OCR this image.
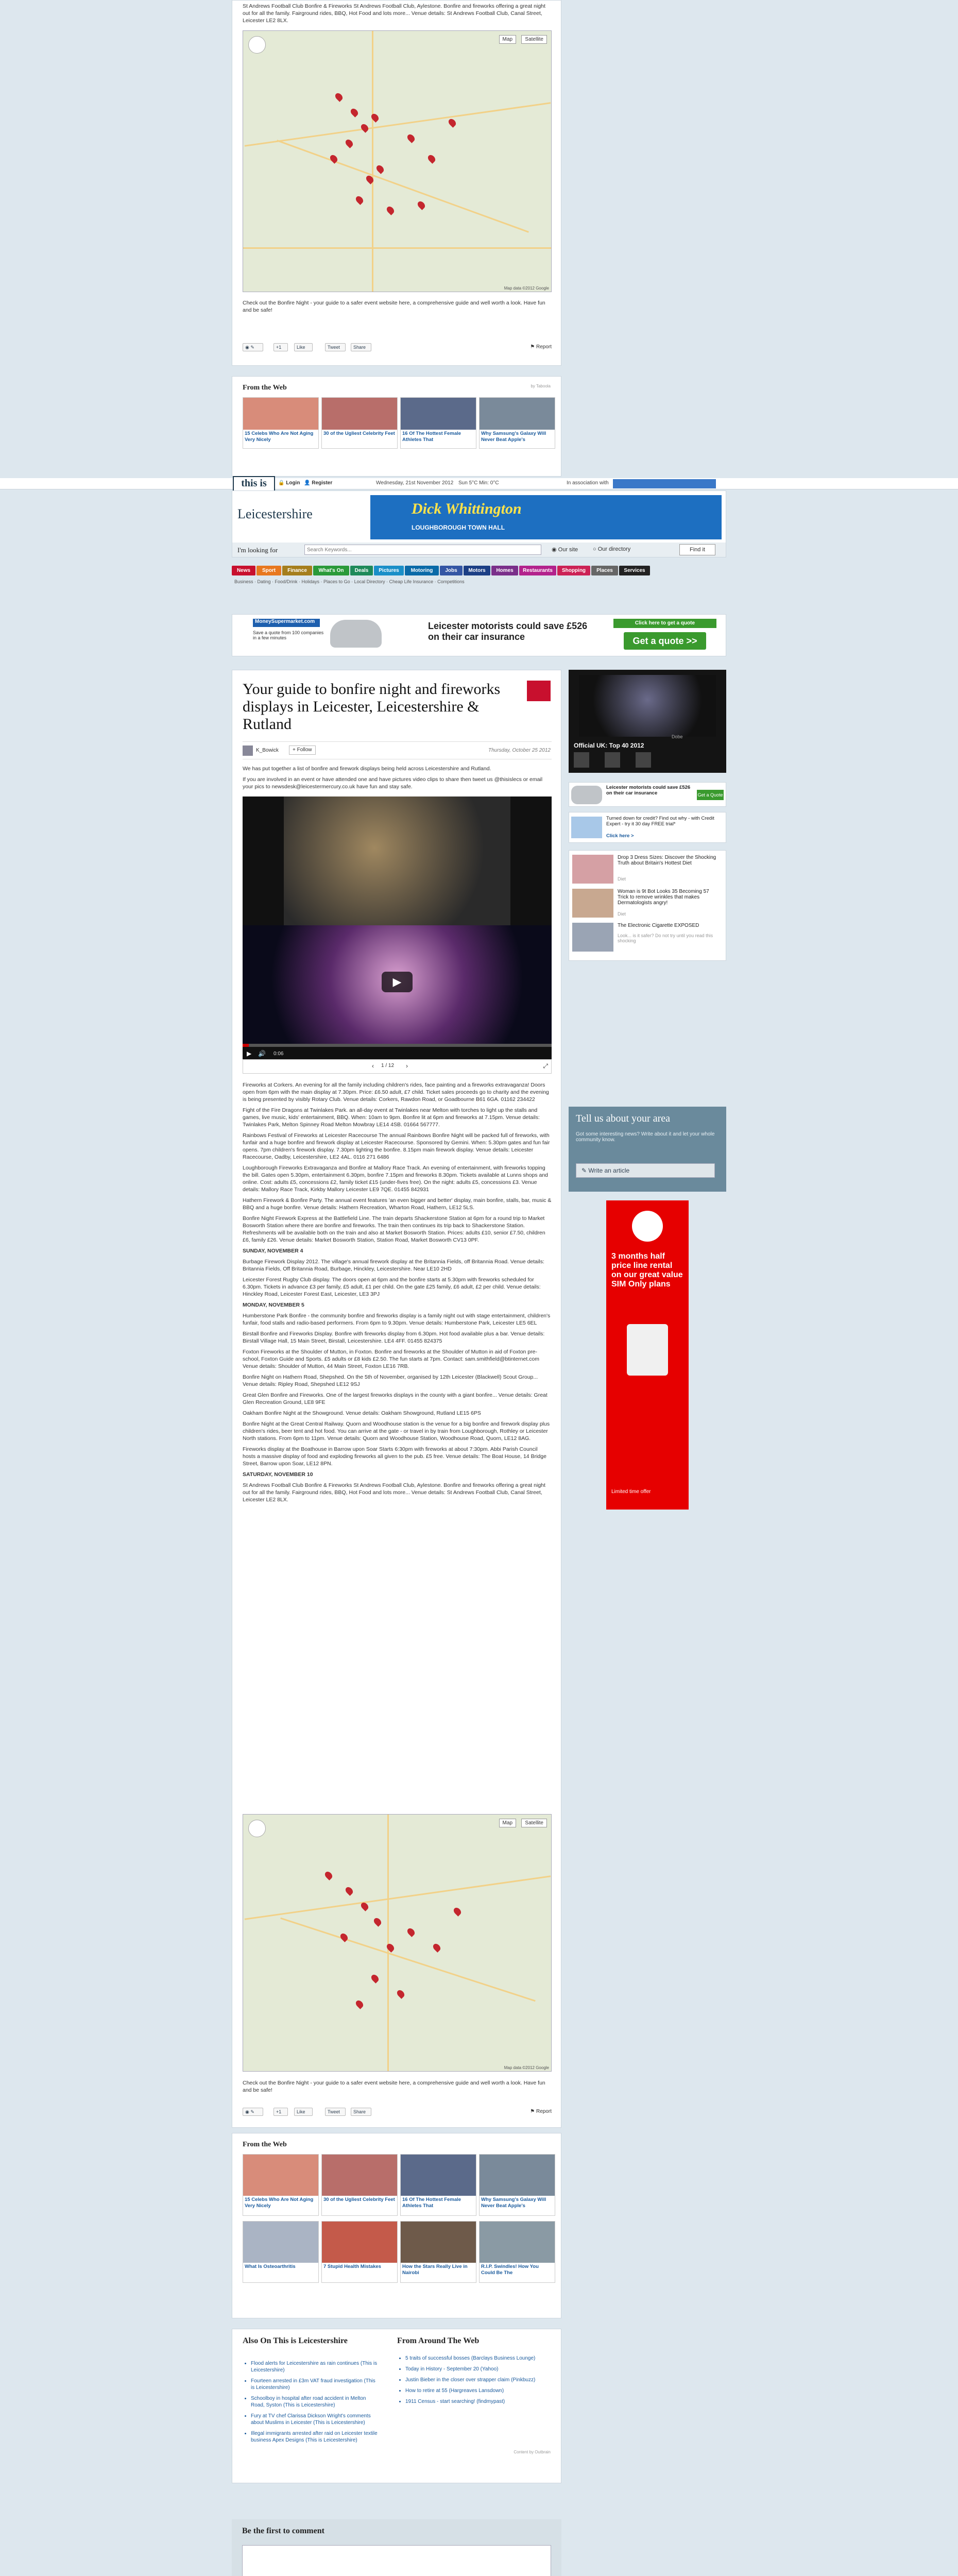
St Andrews Football Club Bonfire & Fireworks St Andrews Football Club, Aylestone. Bonfire and fireworks offering a great night out for all the family. Fairground rides, BBQ, Hot Food and lots more... Venue details: St Andrews Football Club, Canal Street, Leicester LE2 8LX.

Map	Satellite
Map data ©2012 Google

Check out the Bonfire Night - your guide to a safer event website here, a comprehensive guide and well worth a look. Have fun and be safe!

◉ ✎	+1	Like	Tweet	Share	⚑ Report
From the Web	by Taboola
15 Celebs Who Are Not Aging Very Nicely
30 of the Ugliest Celebrity Feet	16 Of The Hottest Female Athletes That
Why Samsung's Galaxy Will Never Beat Apple's
this is	🔒 Login 👤 Register	Wednesday, 21st November 2012 Sun 5°C Min: 0°C	In association with
Leicestershire	Dick Whittington
LOUGHBOROUGH TOWN HALL
I'm looking for
Search Keywords...	◉ Our site	○ Our directory	Find it
News	Sport	Finance	What's On	Deals	Pictures	Motoring	Jobs	Motors	Homes	Restaurants	Shopping	Places	Services
Business · Dating · Food/Drink · Holidays · Places to Go · Local Directory · Cheap Life Insurance · Competitions
MoneySupermarket.com
Save a quote from 100 companies in a few minutes
Leicester motorists could save £526 on their car insurance
Click here to get a quote
Get a quote >>
Your guide to bonfire night and fireworks displays in Leicester, Leicestershire & Rutland
K_Bowick	+ Follow	Thursday, October 25 2012

We has put together a list of bonfire and firework displays being held across Leicestershire and Rutland.

If you are involved in an event or have attended one and have pictures video clips to share then tweet us @thisislecs or email your pics to newsdesk@leicestermercury.co.uk have fun and stay safe.

▶
▶ 🔊 0:06
1 / 12
‹	›	⤢

Fireworks at Corkers. An evening for all the family including children's rides, face painting and a fireworks extravaganza! Doors open from 6pm with the main display at 7.30pm. Price: £6.50 adult, £7 child. Ticket sales proceeds go to charity and the evening is being presented by visibly Rotary Club. Venue details: Corkers, Rawdon Road, or Goadbourne B61 6GA. 01162 234422

Fight of the Fire Dragons at Twinlakes Park. an all-day event at Twinlakes near Melton with torches to light up the stalls and games, live music, kids' entertainment, BBQ. When: 10am to 9pm. Bonfire lit at 6pm and fireworks at 7.15pm. Venue details: Twinlakes Park, Melton Spinney Road Melton Mowbray LE14 4SB. 01664 567777.

Rainbows Festival of Fireworks at Leicester Racecourse The annual Rainbows Bonfire Night will be packed full of fireworks, with funfair and a huge bonfire and firework display at Leicester Racecourse. Sponsored by Gemini. When: 5.30pm gates and fun fair opens. 7pm children's firework display. 7.30pm lighting the bonfire. 8.15pm main firework display. Venue details: Leicester Racecourse, Oadby, Leicestershire, LE2 4AL. 0116 271 6486

Loughborough Fireworks Extravaganza and Bonfire at Mallory Race Track. An evening of entertainment, with fireworks topping the bill. Gates open 5.30pm, entertainment 6.30pm, bonfire 7.15pm and fireworks 8.30pm. Tickets available at Lunns shops and online. Cost: adults £5, concessions £2, family ticket £15 (under-fives free). On the night: adults £5, concessions £3. Venue details: Mallory Race Track, Kirkby Mallory Leicester LE9 7QE. 01455 842931

Hathern Firework & Bonfire Party. The annual event features 'an even bigger and better' display, main bonfire, stalls, bar, music & BBQ and a huge bonfire. Venue details: Hathern Recreation, Wharton Road, Hathern, LE12 5LS.

Bonfire Night Firework Express at the Battlefield Line. The train departs Shackerstone Station at 6pm for a round trip to Market Bosworth Station where there are bonfire and fireworks. The train then continues its trip back to Shackerstone Station. Refreshments will be available both on the train and also at Market Bosworth Station. Prices: adults £10, senior £7.50, children £6, family £26. Venue details: Market Bosworth Station, Station Road, Market Bosworth CV13 0PF.

SUNDAY, NOVEMBER 4

Burbage Firework Display 2012. The village's annual firework display at the Britannia Fields, off Britannia Road. Venue details: Britannia Fields, Off Britannia Road, Burbage, Hinckley, Leicestershire. Near LE10 2HD

Leicester Forest Rugby Club display. The doors open at 6pm and the bonfire starts at 5.30pm with fireworks scheduled for 6.30pm. Tickets in advance £3 per family, £5 adult, £1 per child. On the gate £25 family, £6 adult, £2 per child. Venue details: Hinckley Road, Leicester Forest East, Leicester, LE3 3PJ

MONDAY, NOVEMBER 5

Humberstone Park Bonfire - the community bonfire and fireworks display is a family night out with stage entertainment, children's funfair, food stalls and radio-based performers. From 6pm to 9.30pm. Venue details: Humberstone Park, Leicester LE5 6EL

Birstall Bonfire and Fireworks Display. Bonfire with fireworks display from 6.30pm. Hot food available plus a bar. Venue details: Birstall Village Hall, 15 Main Street, Birstall, Leicestershire. LE4 4FF. 01455 824375

Foxton Fireworks at the Shoulder of Mutton, in Foxton. Bonfire and fireworks at the Shoulder of Mutton in aid of Foxton pre-school, Foxton Guide and Sports. £5 adults or £8 kids £2.50. The fun starts at 7pm. Contact: sam.smithfield@btinternet.com Venue details: Shoulder of Mutton, 44 Main Street, Foxton LE16 7RB.

Bonfire Night on Hathern Road, Shepshed. On the 5th of November, organised by 12th Leicester (Blackwell) Scout Group... Venue details: Ripley Road, Shepshed LE12 9SJ

Great Glen Bonfire and Fireworks. One of the largest fireworks displays in the county with a giant bonfire... Venue details: Great Glen Recreation Ground, LE8 9FE

Oakham Bonfire Night at the Showground. Venue details: Oakham Showground, Rutland LE15 6PS

Bonfire Night at the Great Central Railway. Quorn and Woodhouse station is the venue for a big bonfire and firework display plus children's rides, beer tent and hot food. You can arrive at the gate - or travel in by train from Loughborough, Rothley or Leicester North stations. From 6pm to 11pm. Venue details: Quorn and Woodhouse Station, Woodhouse Road, Quorn, LE12 8AG.

Fireworks display at the Boathouse in Barrow upon Soar Starts 6:30pm with fireworks at about 7:30pm. Abbi Parish Council hosts a massive display of food and exploding fireworks all given to the pub. £5 free. Venue details: The Boat House, 14 Bridge Street, Barrow upon Soar, LE12 8PN.

SATURDAY, NOVEMBER 10

St Andrews Football Club Bonfire & Fireworks St Andrews Football Club, Aylestone. Bonfire and fireworks offering a great night out for all the family. Fairground rides, BBQ, Hot Food and lots more... Venue details: St Andrews Football Club, Canal Street, Leicester LE2 8LX.

Map	Satellite
Map data ©2012 Google

Check out the Bonfire Night - your guide to a safer event website here, a comprehensive guide and well worth a look. Have fun and be safe!

◉ ✎	+1	Like	Tweet	Share	⚑ Report
Official UK: Top 40 2012
Dobe
Leicester motorists could save £526 on their car insurance	Get a Quote
Turned down for credit? Find out why - with Credit Expert - try it 30 day FREE trial*
Click here >
Drop 3 Dress Sizes: Discover the Shocking Truth about Britain's Hottest Diet
Diet
Woman is 9t Bot Looks 35 Becoming 57 Trick to remove wrinkles that makes Dermatologists angry!
Diet
The Electronic Cigarette EXPOSED
Look... is it safer? Do not try until you read this shocking
Tell us about your area
Got some interesting news? Write about it and let your whole community know.
✎ Write an article
3 months half price line rental on our great value SIM Only plans
Limited time offer
From the Web
15 Celebs Who Are Not Aging Very Nicely
30 of the Ugliest Celebrity Feet	16 Of The Hottest Female Athletes That
Why Samsung's Galaxy Will Never Beat Apple's
What Is Osteoarthritis	7 Stupid Health Mistakes	How the Stars Really Live in Nairobi
R.I.P. Swindles! How You Could Be The
Also On This is Leicestershire
• Flood alerts for Leicestershire as rain continues (This is Leicestershire)
• Fourteen arrested in £3m VAT fraud investigation (This is Leicestershire)
• Schoolboy in hospital after road accident in Melton Road, Syston (This is Leicestershire)
• Fury at TV chef Clarissa Dickson Wright's comments about Muslims in Leicester (This is Leicestershire)
• Illegal immigrants arrested after raid on Leicester textile business Apex Designs (This is Leicestershire)
From Around The Web
• 5 traits of successful bosses (Barclays Business Lounge)
• Today in History - September 20 (Yahoo)
• Justin Bieber in the closer over strapper claim (Pinkbuzz)
• How to retire at 55 (Hargreaves Lansdown)
• 1911 Census - start searching! (findmypast)
Content by Outbrain
Be the first to comment
